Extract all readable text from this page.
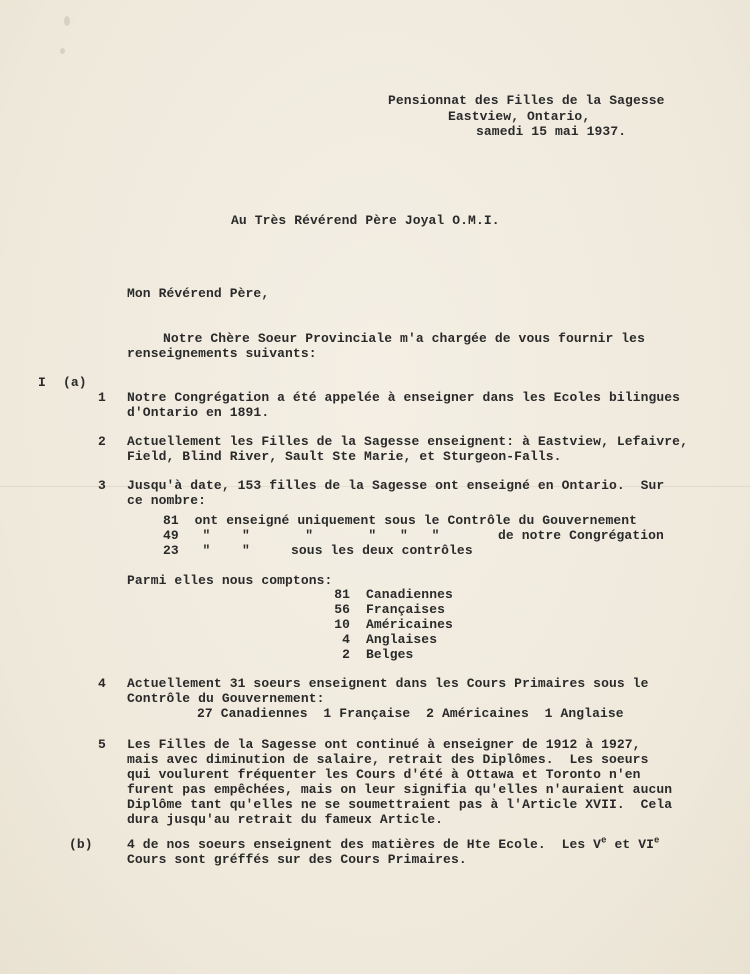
Pensionnat des Filles de la Sagesse
Eastview, Ontario,
samedi 15 mai 1937.
Au Très Révérend Père Joyal O.M.I.
Mon Révérend Père,
Notre Chère Soeur Provinciale m'a chargée de vous fournir les
renseignements suivants:
I (a)
1 Notre Congrégation a été appelée à enseigner dans les Ecoles bilingues
d'Ontario en 1891.
2 Actuellement les Filles de la Sagesse enseignent: à Eastview, Lefaivre,
Field, Blind River, Sault Ste Marie, et Sturgeon-Falls.
3 Jusqu'à date, 153 filles de la Sagesse ont enseigné en Ontario.  Sur
ce nombre:
81  ont enseigné uniquement sous le Contrôle du Gouvernement
49   "    "       "       "   "   "	de notre Congrégation
23   "    "	sous les deux contrôles
Parmi elles nous comptons:
81 Canadiennes
56 Françaises
10 Américaines
4 Anglaises
2 Belges
4 Actuellement 31 soeurs enseignent dans les Cours Primaires sous le
Contrôle du Gouvernement:
27 Canadiennes  1 Française  2 Américaines  1 Anglaise
5 Les Filles de la Sagesse ont continué à enseigner de 1912 à 1927,
mais avec diminution de salaire, retrait des Diplômes.  Les soeurs
qui voulurent fréquenter les Cours d'été à Ottawa et Toronto n'en
furent pas empêchées, mais on leur signifia qu'elles n'auraient aucun
Diplôme tant qu'elles ne se soumettraient pas à l'Article XVII.  Cela
dura jusqu'au retrait du fameux Article.
(b)	4 de nos soeurs enseignent des matières de Hte Ecole.  Les Ve et VIe
Cours sont gréffés sur des Cours Primaires.
